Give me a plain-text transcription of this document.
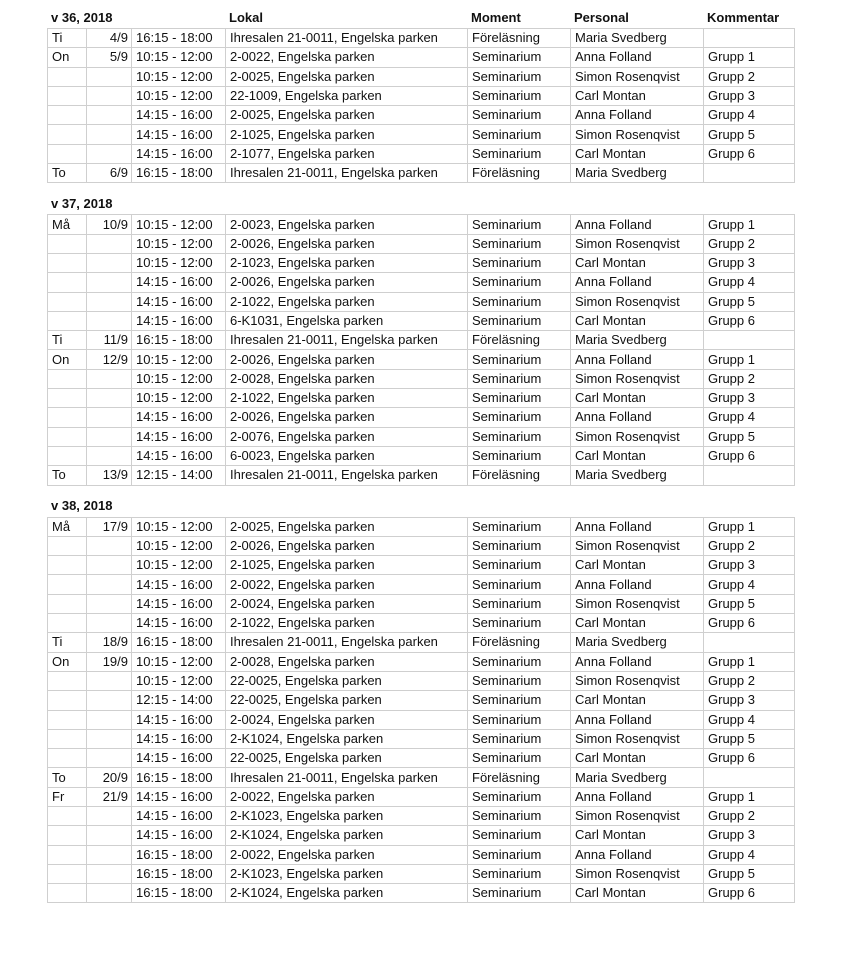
v 36, 2018	Lokal	Moment	Personal	Kommentar
Ti	4/9	16:15 - 18:00	Ihresalen 21-0011, Engelska parken	Föreläsning	Maria Svedberg	
On	5/9	10:15 - 12:00	2-0022, Engelska parken	Seminarium	Anna Folland	Grupp 1
		10:15 - 12:00	2-0025, Engelska parken	Seminarium	Simon Rosenqvist	Grupp 2
		10:15 - 12:00	22-1009, Engelska parken	Seminarium	Carl Montan	Grupp 3
		14:15 - 16:00	2-0025, Engelska parken	Seminarium	Anna Folland	Grupp 4
		14:15 - 16:00	2-1025, Engelska parken	Seminarium	Simon Rosenqvist	Grupp 5
		14:15 - 16:00	2-1077, Engelska parken	Seminarium	Carl Montan	Grupp 6
To	6/9	16:15 - 18:00	Ihresalen 21-0011, Engelska parken	Föreläsning	Maria Svedberg	
v 37, 2018
Må	10/9	10:15 - 12:00	2-0023, Engelska parken	Seminarium	Anna Folland	Grupp 1
		10:15 - 12:00	2-0026, Engelska parken	Seminarium	Simon Rosenqvist	Grupp 2
		10:15 - 12:00	2-1023, Engelska parken	Seminarium	Carl Montan	Grupp 3
		14:15 - 16:00	2-0026, Engelska parken	Seminarium	Anna Folland	Grupp 4
		14:15 - 16:00	2-1022, Engelska parken	Seminarium	Simon Rosenqvist	Grupp 5
		14:15 - 16:00	6-K1031, Engelska parken	Seminarium	Carl Montan	Grupp 6
Ti	11/9	16:15 - 18:00	Ihresalen 21-0011, Engelska parken	Föreläsning	Maria Svedberg	
On	12/9	10:15 - 12:00	2-0026, Engelska parken	Seminarium	Anna Folland	Grupp 1
		10:15 - 12:00	2-0028, Engelska parken	Seminarium	Simon Rosenqvist	Grupp 2
		10:15 - 12:00	2-1022, Engelska parken	Seminarium	Carl Montan	Grupp 3
		14:15 - 16:00	2-0026, Engelska parken	Seminarium	Anna Folland	Grupp 4
		14:15 - 16:00	2-0076, Engelska parken	Seminarium	Simon Rosenqvist	Grupp 5
		14:15 - 16:00	6-0023, Engelska parken	Seminarium	Carl Montan	Grupp 6
To	13/9	12:15 - 14:00	Ihresalen 21-0011, Engelska parken	Föreläsning	Maria Svedberg	
v 38, 2018
Må	17/9	10:15 - 12:00	2-0025, Engelska parken	Seminarium	Anna Folland	Grupp 1
		10:15 - 12:00	2-0026, Engelska parken	Seminarium	Simon Rosenqvist	Grupp 2
		10:15 - 12:00	2-1025, Engelska parken	Seminarium	Carl Montan	Grupp 3
		14:15 - 16:00	2-0022, Engelska parken	Seminarium	Anna Folland	Grupp 4
		14:15 - 16:00	2-0024, Engelska parken	Seminarium	Simon Rosenqvist	Grupp 5
		14:15 - 16:00	2-1022, Engelska parken	Seminarium	Carl Montan	Grupp 6
Ti	18/9	16:15 - 18:00	Ihresalen 21-0011, Engelska parken	Föreläsning	Maria Svedberg	
On	19/9	10:15 - 12:00	2-0028, Engelska parken	Seminarium	Anna Folland	Grupp 1
		10:15 - 12:00	22-0025, Engelska parken	Seminarium	Simon Rosenqvist	Grupp 2
		12:15 - 14:00	22-0025, Engelska parken	Seminarium	Carl Montan	Grupp 3
		14:15 - 16:00	2-0024, Engelska parken	Seminarium	Anna Folland	Grupp 4
		14:15 - 16:00	2-K1024, Engelska parken	Seminarium	Simon Rosenqvist	Grupp 5
		14:15 - 16:00	22-0025, Engelska parken	Seminarium	Carl Montan	Grupp 6
To	20/9	16:15 - 18:00	Ihresalen 21-0011, Engelska parken	Föreläsning	Maria Svedberg	
Fr	21/9	14:15 - 16:00	2-0022, Engelska parken	Seminarium	Anna Folland	Grupp 1
		14:15 - 16:00	2-K1023, Engelska parken	Seminarium	Simon Rosenqvist	Grupp 2
		14:15 - 16:00	2-K1024, Engelska parken	Seminarium	Carl Montan	Grupp 3
		16:15 - 18:00	2-0022, Engelska parken	Seminarium	Anna Folland	Grupp 4
		16:15 - 18:00	2-K1023, Engelska parken	Seminarium	Simon Rosenqvist	Grupp 5
		16:15 - 18:00	2-K1024, Engelska parken	Seminarium	Carl Montan	Grupp 6
